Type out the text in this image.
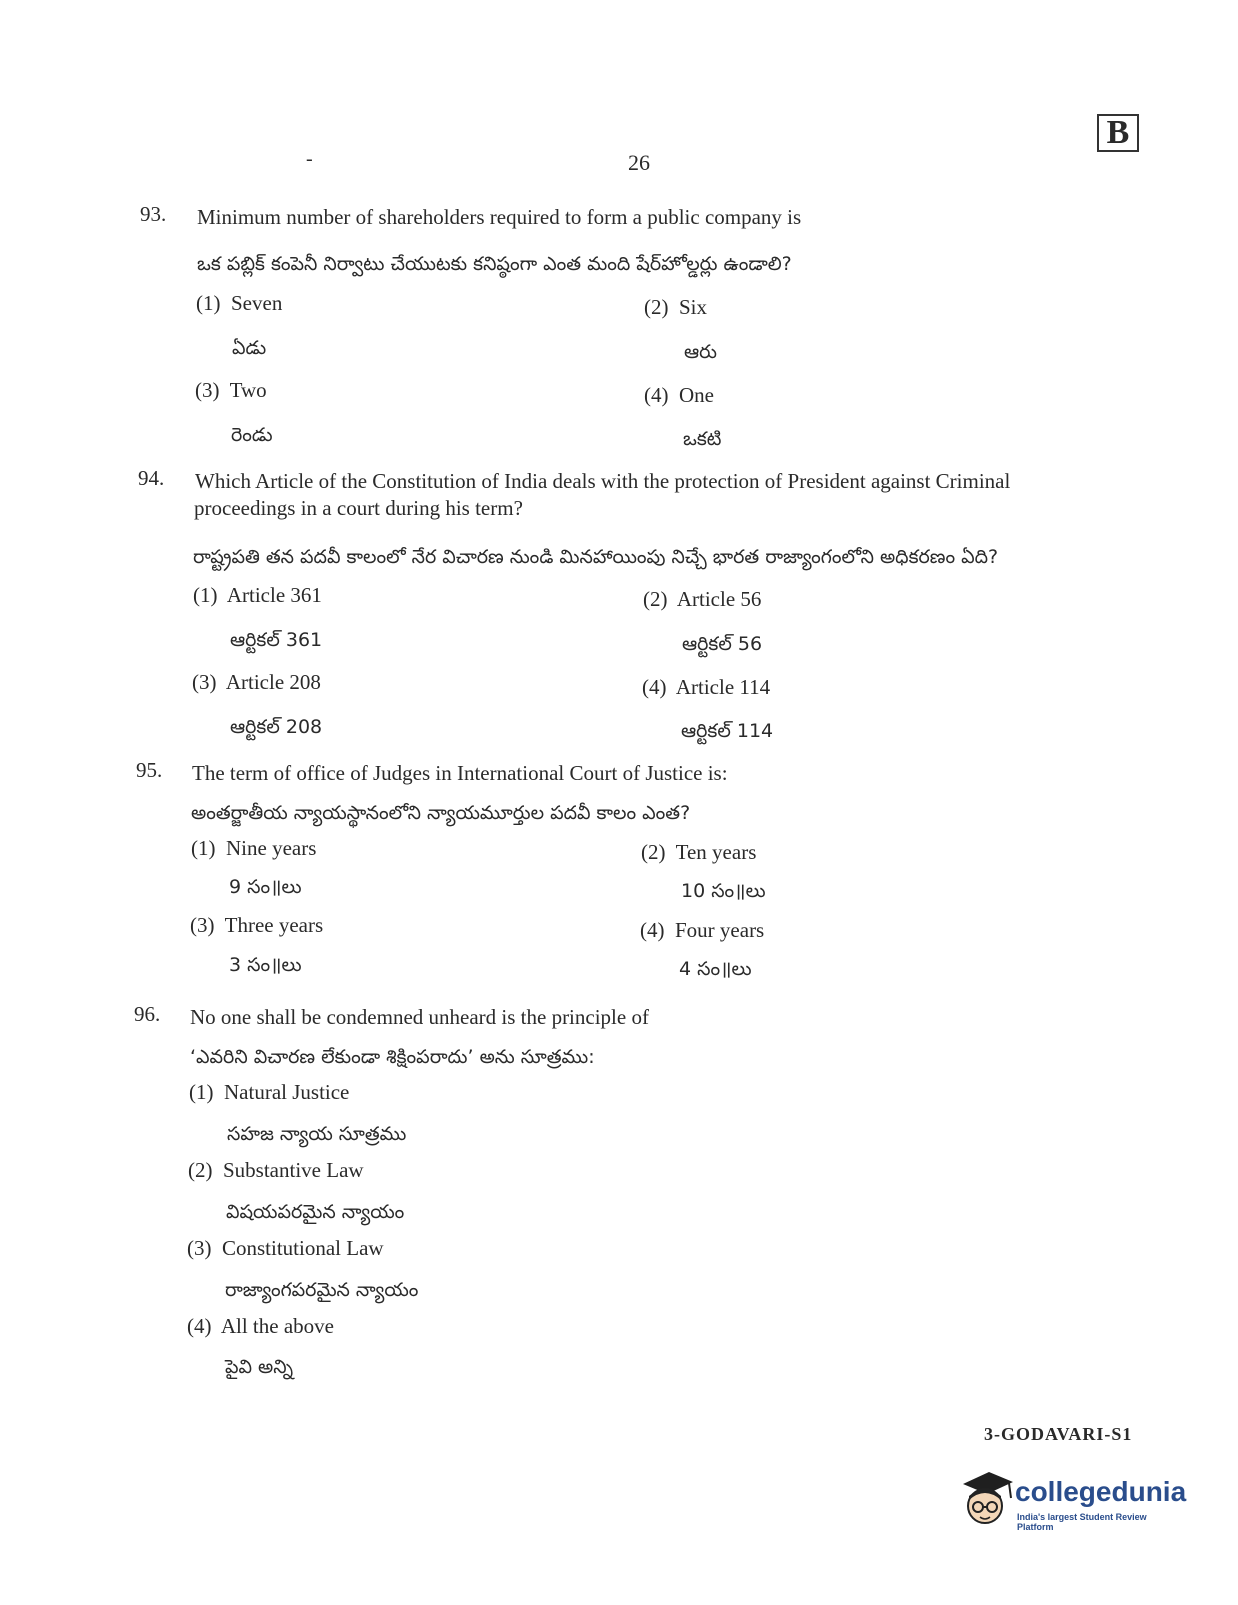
B
-	26
93. Minimum number of shareholders required to form a public company is
ఒక పబ్లిక్ కంపెనీ నిర్వాటు చేయుటకు కనిష్ఠంగా ఎంత మంది షేర్‌హోల్డర్లు ఉండాలి?
(1) Seven
ఏడు
(2) Six
ఆరు
(3) Two
రెండు
(4) One
ఒకటి
94. Which Article of the Constitution of India deals with the protection of President against Criminal
proceedings in a court during his term?
రాష్ట్రపతి తన పదవీ కాలంలో నేర విచారణ నుండి మినహాయింపు నిచ్చే భారత రాజ్యాంగంలోని అధికరణం ఏది?
(1) Article 361
ఆర్టికల్ 361
(2) Article 56
ఆర్టికల్ 56
(3) Article 208
ఆర్టికల్ 208
(4) Article 114
ఆర్టికల్ 114
95. The term of office of Judges in International Court of Justice is:
అంతర్జాతీయ న్యాయస్థానంలోని న్యాయమూర్తుల పదవీ కాలం ఎంత?
(1) Nine years
9 సం॥లు
(2) Ten years
10 సం॥లు
(3) Three years
3 సం॥లు
(4) Four years
4 సం॥లు
96. No one shall be condemned unheard is the principle of
‘ఎవరిని విచారణ లేకుండా శిక్షింపరాదు’ అను సూత్రము:
(1) Natural Justice
సహజ న్యాయ సూత్రము
(2) Substantive Law
విషయపరమైన న్యాయం
(3) Constitutional Law
రాజ్యాంగపరమైన న్యాయం
(4) All the above
పైవి అన్ని
3-GODAVARI-S1
collegedunia
India's largest Student Review Platform
